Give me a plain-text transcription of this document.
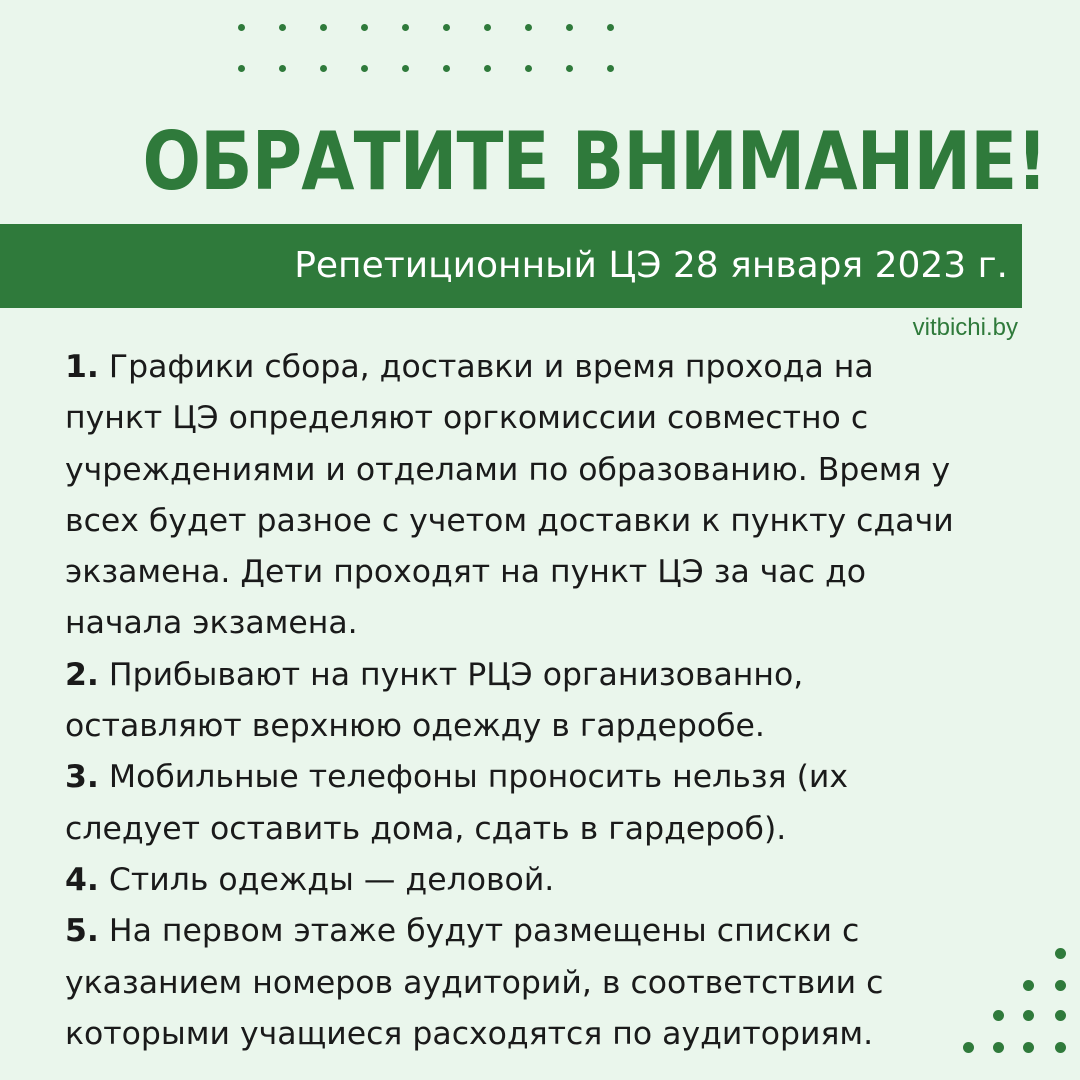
ОБРАТИТЕ ВНИМАНИЕ!
Репетиционный ЦЭ 28 января 2023 г.
vitbichi.by

1. Графики сбора, доставки и время прохода на пункт ЦЭ определяют оргкомиссии совместно с учреждениями и отделами по образованию. Время у всех будет разное с учетом доставки к пункту сдачи экзамена. Дети проходят на пункт ЦЭ за час до начала экзамена.

2. Прибывают на пункт РЦЭ организованно, оставляют верхнюю одежду в гардеробе.

3. Мобильные телефоны проносить нельзя (их следует оставить дома, сдать в гардероб).

4. Стиль одежды — деловой.

5. На первом этаже будут размещены списки с указанием номеров аудиторий, в соответствии с которыми учащиеся расходятся по аудиториям.
